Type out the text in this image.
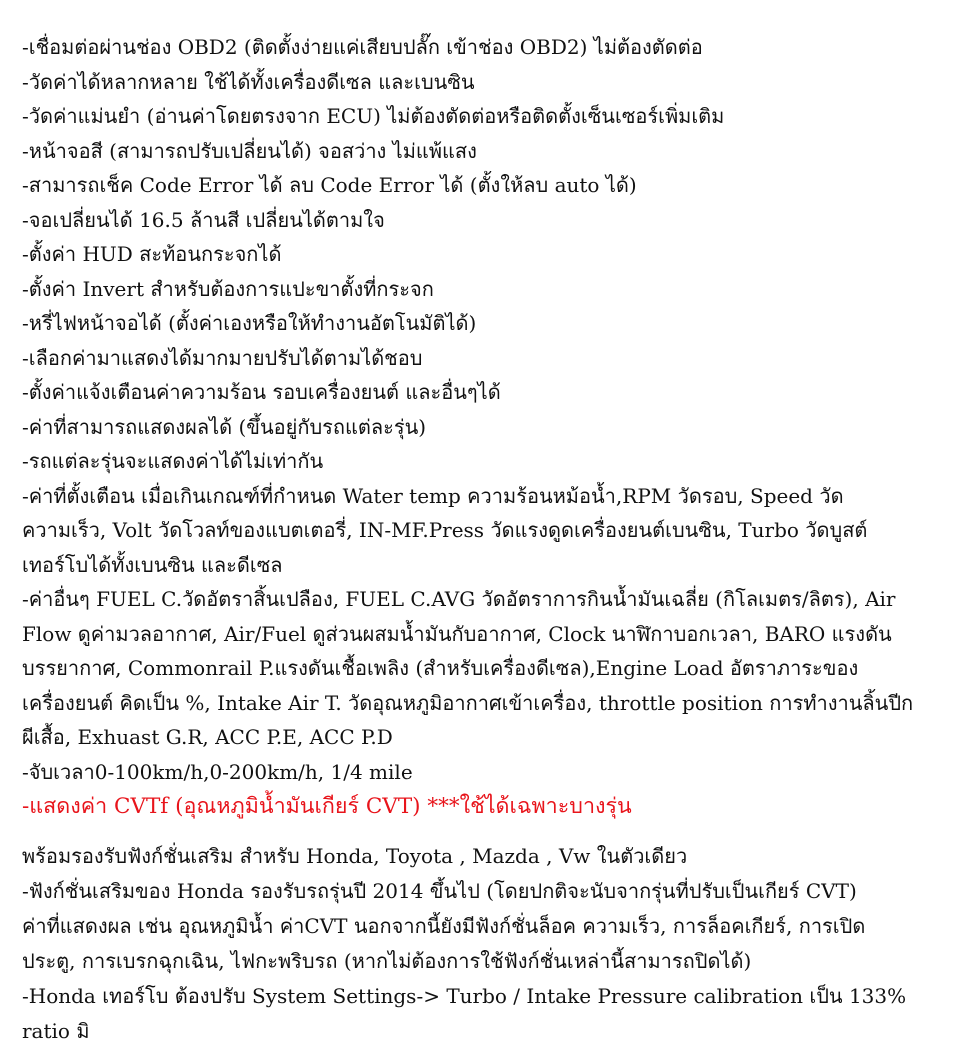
-เชื่อมต่อผ่านช่อง OBD2 (ติดตั้งง่ายแค่เสียบปลั๊ก เข้าช่อง OBD2) ไม่ต้องตัดต่อ
-วัดค่าได้หลากหลาย ใช้ได้ทั้งเครื่องดีเซล และเบนซิน
-วัดค่าแม่นยำ (อ่านค่าโดยตรงจาก ECU) ไม่ต้องตัดต่อหรือติดตั้งเซ็นเซอร์เพิ่มเติม
-หน้าจอสี (สามารถปรับเปลี่ยนได้) จอสว่าง ไม่แพ้แสง
-สามารถเช็ค Code Error ได้ ลบ Code Error ได้ (ตั้งให้ลบ auto ได้)
-จอเปลี่ยนได้ 16.5 ล้านสี เปลี่ยนได้ตามใจ
-ตั้งค่า HUD สะท้อนกระจกได้
-ตั้งค่า Invert สำหรับต้องการแปะขาตั้งที่กระจก
-หรี่ไฟหน้าจอได้ (ตั้งค่าเองหรือให้ทำงานอัตโนมัติได้)
-เลือกค่ามาแสดงได้มากมายปรับได้ตามได้ชอบ
-ตั้งค่าแจ้งเตือนค่าความร้อน รอบเครื่องยนต์ และอื่นๆได้
-ค่าที่สามารถแสดงผลได้ (ขึ้นอยู่กับรถแต่ละรุ่น)
-รถแต่ละรุ่นจะแสดงค่าได้ไม่เท่ากัน
-ค่าที่ตั้งเตือน เมื่อเกินเกณฑ์ที่กำหนด Water temp ความร้อนหม้อน้ำ,RPM วัดรอบ, Speed วัด
ความเร็ว, Volt วัดโวลท์ของแบตเตอรี่, IN-MF.Press วัดแรงดูดเครื่องยนต์เบนซิน, Turbo วัดบูสต์
เทอร์โบได้ทั้งเบนซิน และดีเซล
-ค่าอื่นๆ FUEL C.วัดอัตราสิ้นเปลือง, FUEL C.AVG วัดอัตราการกินน้ำมันเฉลี่ย (กิโลเมตร/ลิตร), Air
Flow ดูค่ามวลอากาศ, Air/Fuel ดูส่วนผสมน้ำมันกับอากาศ, Clock นาฬิกาบอกเวลา, BARO แรงดัน
บรรยากาศ, Commonrail P.แรงดันเชื้อเพลิง (สำหรับเครื่องดีเซล),Engine Load อัตราภาระของ
เครื่องยนต์ คิดเป็น %, Intake Air T. วัดอุณหภูมิอากาศเข้าเครื่อง, throttle position การทำงานลิ้นปีก
ผีเสื้อ, Exhuast G.R, ACC P.E, ACC P.D
-จับเวลา0-100km/h,0-200km/h, 1/4 mile
-แสดงค่า CVTf (อุณหภูมิน้ำมันเกียร์ CVT) ***ใช้ได้เฉพาะบางรุ่น
พร้อมรองรับฟังก์ชั่นเสริม สำหรับ Honda, Toyota , Mazda , Vw ในตัวเดียว
-ฟังก์ชั่นเสริมของ Honda รองรับรถรุ่นปี 2014 ขึ้นไป (โดยปกติจะนับจากรุ่นที่ปรับเป็นเกียร์ CVT)
ค่าที่แสดงผล เช่น อุณหภูมิน้ำ ค่าCVT นอกจากนี้ยังมีฟังก์ชั่นล็อค ความเร็ว, การล็อคเกียร์, การเปิด
ประตู, การเบรกฉุกเฉิน, ไฟกะพริบรถ (หากไม่ต้องการใช้ฟังก์ชั่นเหล่านี้สามารถปิดได้)
-Honda เทอร์โบ ต้องปรับ System Settings-> Turbo / Intake Pressure calibration เป็น 133% ratio มิ
